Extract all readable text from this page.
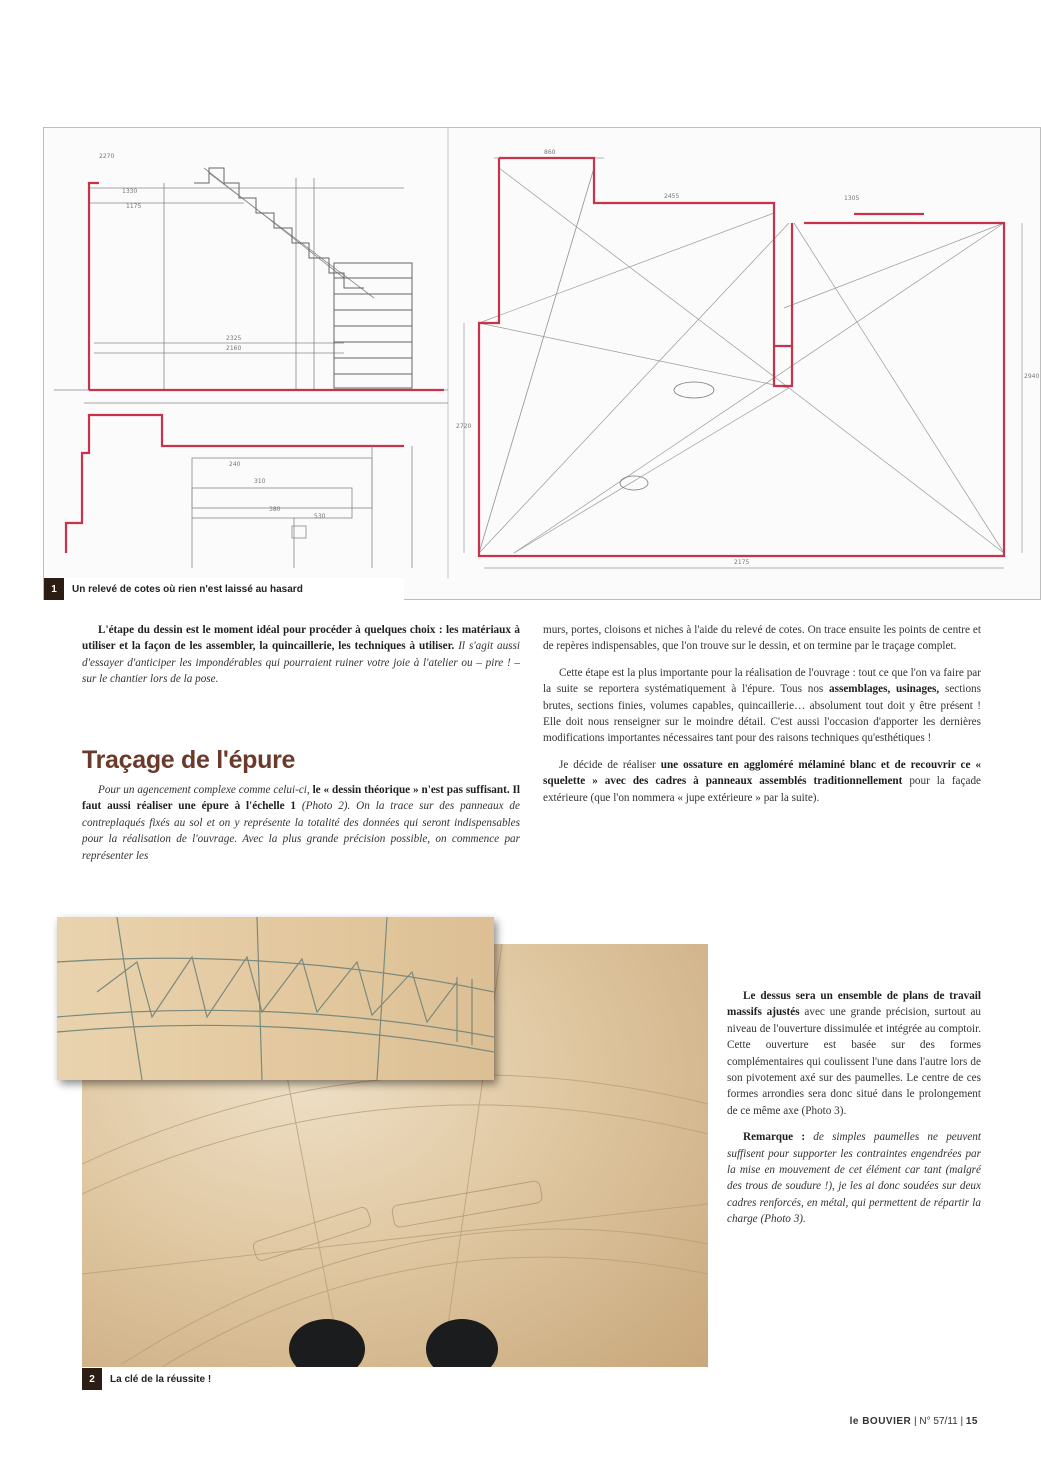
2270
1330
1175
2325
2160
240
310
380
530
860
2455	1305
2175
2940
2720
1	Un relevé de cotes où rien n'est laissé au hasard

L'étape du dessin est le moment idéal pour procéder à quelques choix : les matériaux à utiliser et la façon de les assembler, la quincaillerie, les techniques à utiliser. Il s'agit aussi d'essayer d'anticiper les impondérables qui pourraient ruiner votre joie à l'atelier ou – pire ! – sur le chantier lors de la pose.

Traçage de l'épure

Pour un agencement complexe comme celui-ci, le « dessin théorique » n'est pas suffisant. Il faut aussi réaliser une épure à l'échelle 1 (Photo 2). On la trace sur des panneaux de contreplaqués fixés au sol et on y représente la totalité des données qui seront indispensables pour la réalisation de l'ouvrage. Avec la plus grande précision possible, on commence par représenter les

murs, portes, cloisons et niches à l'aide du relevé de cotes. On trace ensuite les points de centre et de repères indispensables, que l'on trouve sur le dessin, et on termine par le traçage complet.

Cette étape est la plus importante pour la réalisation de l'ouvrage : tout ce que l'on va faire par la suite se reportera systématiquement à l'épure. Tous nos assemblages, usinages, sections brutes, sections finies, volumes capables, quincaillerie… absolument tout doit y être présent ! Elle doit nous renseigner sur le moindre détail. C'est aussi l'occasion d'apporter les dernières modifications importantes nécessaires tant pour des raisons techniques qu'esthétiques !

Je décide de réaliser une ossature en aggloméré mélaminé blanc et de recouvrir ce « squelette » avec des cadres à panneaux assemblés traditionnellement pour la façade extérieure (que l'on nommera « jupe extérieure » par la suite).

Le dessus sera un ensemble de plans de travail massifs ajustés avec une grande précision, surtout au niveau de l'ouverture dissimulée et intégrée au comptoir. Cette ouverture est basée sur des formes complémentaires qui coulissent l'une dans l'autre lors de son pivotement axé sur des paumelles. Le centre de ces formes arrondies sera donc situé dans le prolongement de ce même axe (Photo 3).

Remarque : de simples paumelles ne peuvent suffisent pour supporter les contraintes engendrées par la mise en mouvement de cet élément car tant (malgré des trous de soudure !), je les ai donc soudées sur deux cadres renforcés, en métal, qui permettent de répartir la charge (Photo 3).

2	La clé de la réussite !
le BOUVIER | N° 57/11 | 15
